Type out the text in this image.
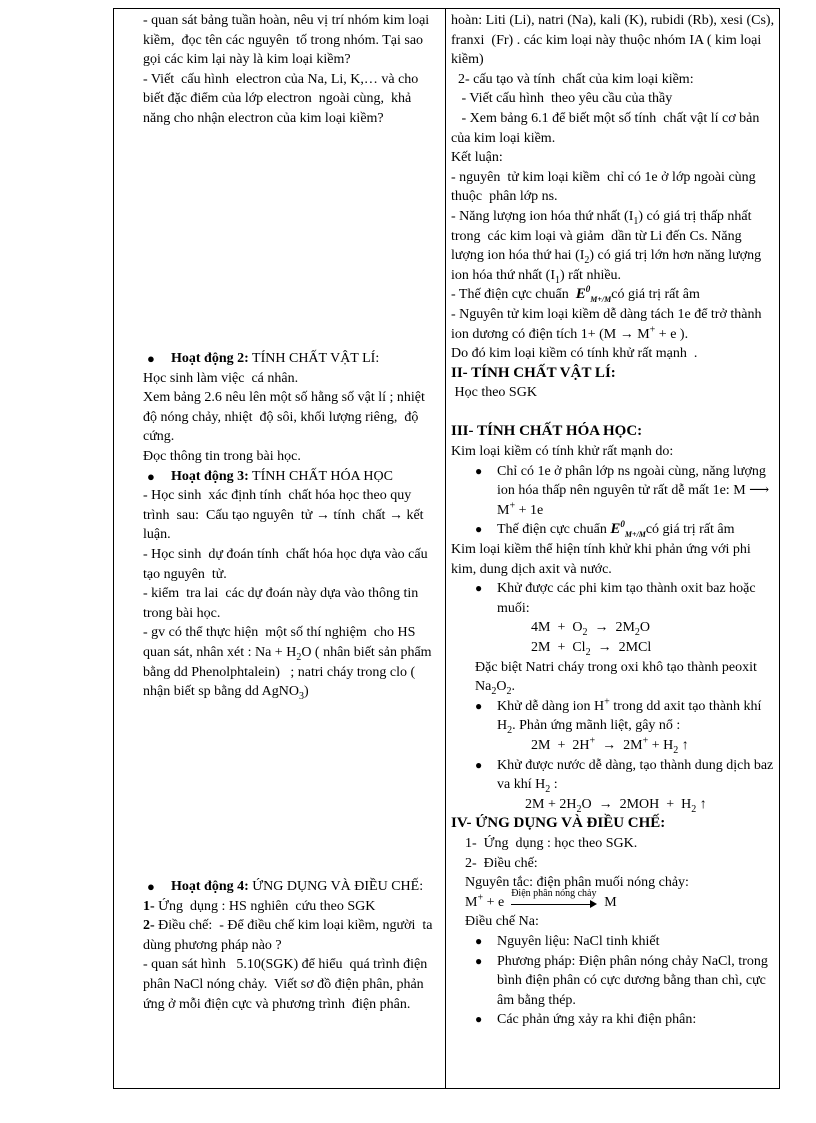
- quan sát bảng tuần hoàn, nêu vị trí nhóm kim loại kiềm,  đọc tên các nguyên  tố trong nhóm. Tại sao gọi các kim lại này là kim loại kiềm?

- Viết  cấu hình  electron của Na, Li, K,… và cho biết đặc điểm của lớp electron  ngoài cùng,  khả năng cho nhận electron của kim loại kiềm?

● Hoạt động 2: TÍNH CHẤT VẬT LÍ:

Học sinh làm việc  cá nhân.

Xem bảng 2.6 nêu lên một số hằng số vật lí ; nhiệt  độ nóng chảy, nhiệt  độ sôi, khối lượng riêng,  độ cứng.

Đọc thông tin trong bài học.

● Hoạt động 3: TÍNH CHẤT HÓA HỌC

- Học sinh  xác định tính  chất hóa học theo quy trình  sau:  Cấu tạo nguyên  tử → tính  chất → kết luận.

- Học sinh  dự đoán tính  chất hóa học dựa vào cấu tạo nguyên  tử.

- kiểm  tra lai  các dự đoán này dựa vào thông tin trong bài học.

- gv có thể thực hiện  một số thí nghiệm  cho HS quan sát, nhân xét : $Na + H_2O$ ( nhân biết sản phẩm bằng dd Phenolphtalein)   ; natri cháy trong clo ( nhận biết sp bằng dd AgNO$_3$)

● Hoạt động 4: ỨNG DỤNG VÀ ĐIỀU CHẾ:

1- Ứng  dụng : HS nghiên  cứu theo SGK

2- Điều chế:  - Để điều chế kim loại kiềm, người  ta dùng phương pháp nào ?

- quan sát hình   5.10(SGK) để hiểu  quá trình điện phân NaCl nóng chảy.  Viết sơ đồ điện phân, phản ứng ở mỗi điện cực và phương trình  điện phân.

hoàn: Liti (Li), natri (Na), kali (K), rubidi (Rb), xesi (Cs), franxi  (Fr) . các kim loại này thuộc nhóm IA ( kim loại kiềm)

2- cấu tạo và tính  chất của kim loại kiềm:

- Viết cấu hình  theo yêu cầu của thầy

- Xem bảng 6.1 để biết một số tính  chất vật lí cơ bản của kim loại kiềm.

Kết luận:

- nguyên  tử kim loại kiềm  chỉ có 1e ở lớp ngoài cùng thuộc  phân lớp ns.

- Năng lượng ion hóa thứ nhất $(I_1)$ có giá trị thấp nhất  trong  các kim loại và giảm  dần từ Li đến Cs. Năng lượng ion hóa thứ hai $(I_2)$ có giá trị lớn hơn năng lượng ion hóa thứ nhất $(I_1)$ rất nhiều.

- Thế điện cực chuẩn $E^0_{M+/M}có$ giá trị rất âm

- Nguyên tử kim loại kiềm dễ dàng tách 1e để trở thành ion dương có điện tích 1+ (M → M+ + e ).

Do đó kim loại kiềm có tính khử rất mạnh  .

II- TÍNH CHẤT VẬT LÍ:

Học theo SGK

III- TÍNH CHẤT HÓA HỌC:

Kim loại kiềm có tính khử rất mạnh do:

● Chỉ có 1e ở phân lớp ns ngoài cùng, năng lượng ion hóa thấp nên nguyên tử rất dễ mất 1e: M ⟶ M+ + 1e
● Thế điện cực chuẩn $E^0_{M+/M}có$ giá trị rất âm

Kim loại kiềm thể hiện tính khử khi phản ứng với phi kim, dung dịch axit và nước.

● Khử được các phi kim tạo thành oxit baz hoặc muối:

$4M + O_2 \to 2M_2O$

$2M + Cl_2 \to 2MCl$

Đặc biệt Natri cháy trong oxi khô tạo thành peoxit $Na_2O_2$.

● Khử dễ dàng ion H+ trong dd axit tạo thành khí $H_2$. Phản ứng mãnh liệt, gây nổ :

$2M + 2H^+ \to 2M^+ + H_2$ ↑

● Khử được nước dễ dàng, tạo thành dung dịch baz va khí $H_2$ :

$2M + 2H_2O \to 2MOH + H_2$ ↑

IV- ỨNG DỤNG VÀ ĐIỀU CHẾ:

1-  Ứng  dụng : học theo SGK.

2-  Điều chế:

Nguyên tắc: điện phân muối nóng chảy:

M+ + e
Điện phân nóng chảy
M

Điều chế Na:

● Nguyên liệu: NaCl tinh khiết
● Phương pháp: Điện phân nóng chảy NaCl, trong bình điện phân có cực dương bằng than chì, cực âm bằng thép.
● Các phản ứng xảy ra khi điện phân:
